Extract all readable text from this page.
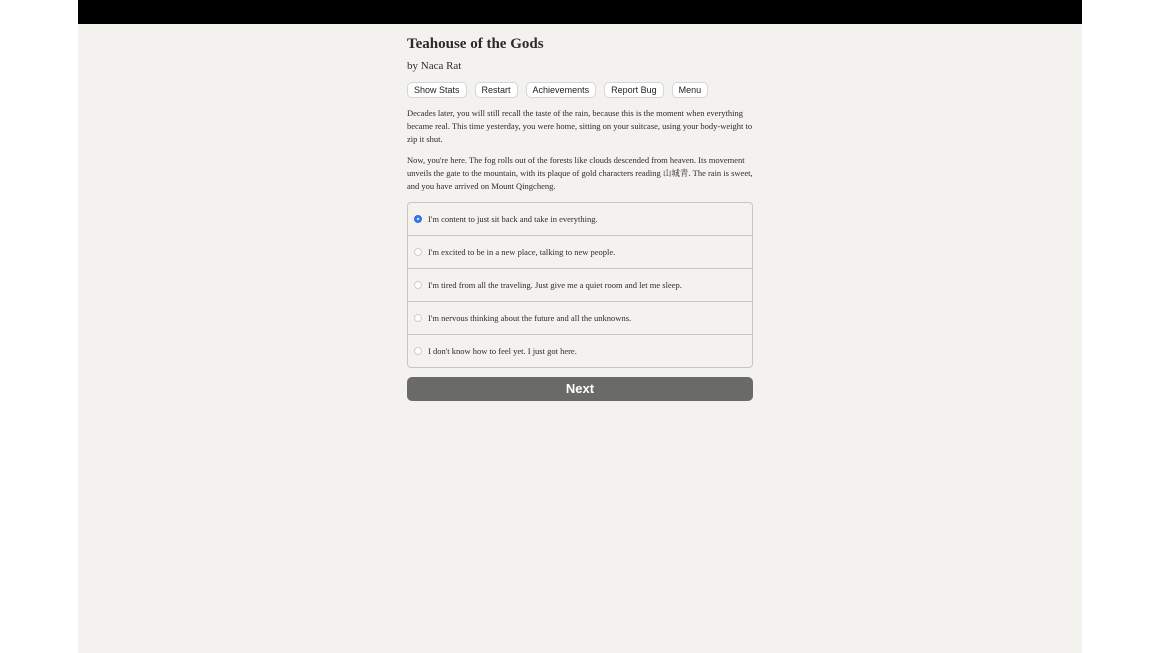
Teahouse of the Gods
by Naca Rat
Show Stats	Restart	Achievements	Report Bug	Menu

Decades later, you will still recall the taste of the rain, because this is the moment when everything became real. This time yesterday, you were home, sitting on your suitcase, using your body-weight to zip it shut.

Now, you're here. The fog rolls out of the forests like clouds descended from heaven. Its movement unveils the gate to the mountain, with its plaque of gold characters reading 山城青. The rain is sweet, and you have arrived on Mount Qingcheng.

I'm content to just sit back and take in everything.
I'm excited to be in a new place, talking to new people.
I'm tired from all the traveling. Just give me a quiet room and let me sleep.
I'm nervous thinking about the future and all the unknowns.
I don't know how to feel yet. I just got here.
Next
